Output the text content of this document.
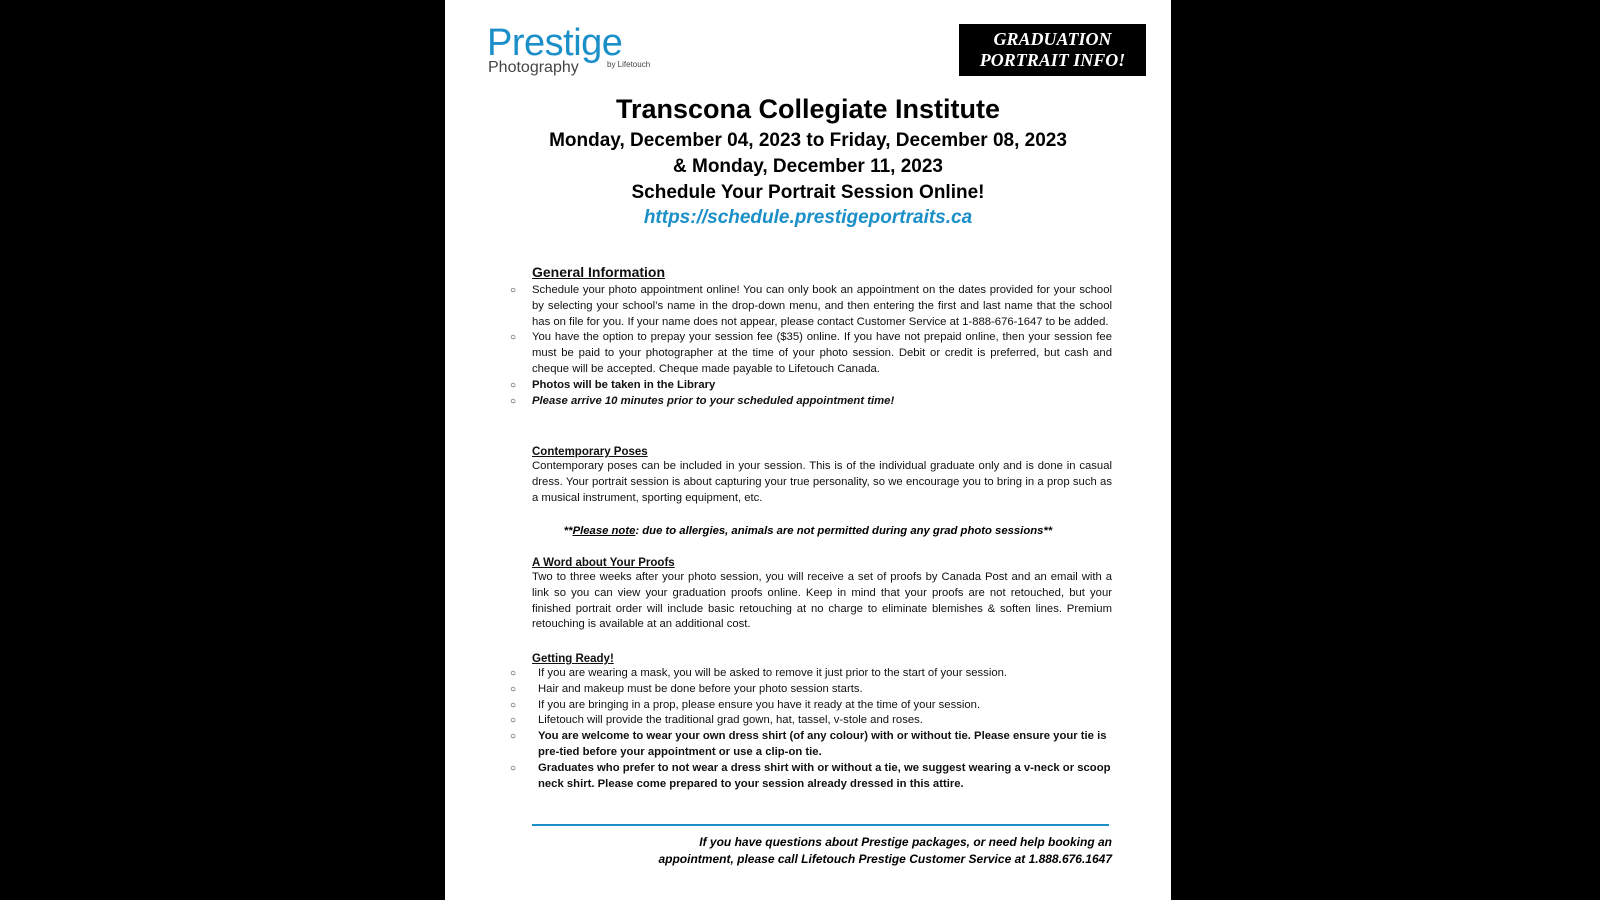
Prestige
Photography	by Lifetouch
GRADUATION
PORTRAIT INFO!
Transcona Collegiate Institute
Monday, December 04, 2023 to Friday, December 08, 2023
& Monday, December 11, 2023
Schedule Your Portrait Session Online!
https://schedule.prestigeportraits.ca
General Information
○ Schedule your photo appointment online! You can only book an appointment on the dates provided for your school by selecting your school’s name in the drop-down menu, and then entering the first and last name that the school has on file for you. If your name does not appear, please contact Customer Service at 1-888-676-1647 to be added.
○ You have the option to prepay your session fee ($35) online. If you have not prepaid online, then your session fee must be paid to your photographer at the time of your photo session. Debit or credit is preferred, but cash and cheque will be accepted. Cheque made payable to Lifetouch Canada.
○ Photos will be taken in the Library
○ Please arrive 10 minutes prior to your scheduled appointment time!
Contemporary Poses
Contemporary poses can be included in your session. This is of the individual graduate only and is done in casual dress. Your portrait session is about capturing your true personality, so we encourage you to bring in a prop such as a musical instrument, sporting equipment, etc.
**Please note: due to allergies, animals are not permitted during any grad photo sessions**
A Word about Your Proofs
Two to three weeks after your photo session, you will receive a set of proofs by Canada Post and an email with a link so you can view your graduation proofs online. Keep in mind that your proofs are not retouched, but your finished portrait order will include basic retouching at no charge to eliminate blemishes & soften lines. Premium retouching is available at an additional cost.
Getting Ready!
○ If you are wearing a mask, you will be asked to remove it just prior to the start of your session.
○ Hair and makeup must be done before your photo session starts.
○ If you are bringing in a prop, please ensure you have it ready at the time of your session.
○ Lifetouch will provide the traditional grad gown, hat, tassel, v-stole and roses.
○ You are welcome to wear your own dress shirt (of any colour) with or without tie. Please ensure your tie is pre-tied before your appointment or use a clip-on tie.
○ Graduates who prefer to not wear a dress shirt with or without a tie, we suggest wearing a v-neck or scoop neck shirt. Please come prepared to your session already dressed in this attire.
If you have questions about Prestige packages, or need help booking an
appointment, please call Lifetouch Prestige Customer Service at 1.888.676.1647
